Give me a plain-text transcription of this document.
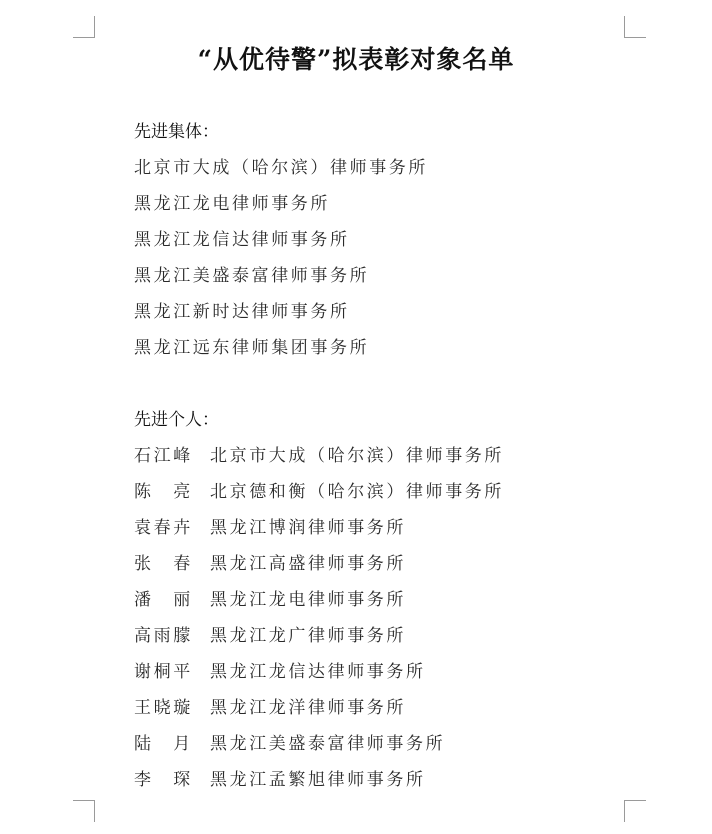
“从优待警”拟表彰对象名单
先进集体：
北京市大成（哈尔滨）律师事务所
黑龙江龙电律师事务所
黑龙江龙信达律师事务所
黑龙江美盛泰富律师事务所
黑龙江新时达律师事务所
黑龙江远东律师集团事务所
先进个人：
石江峰	北京市大成（哈尔滨）律师事务所
陈　亮	北京德和衡（哈尔滨）律师事务所
袁春卉	黑龙江博润律师事务所
张　春	黑龙江高盛律师事务所
潘　丽	黑龙江龙电律师事务所
高雨朦	黑龙江龙广律师事务所
谢桐平	黑龙江龙信达律师事务所
王晓璇	黑龙江龙洋律师事务所
陆　月	黑龙江美盛泰富律师事务所
李　琛	黑龙江孟繁旭律师事务所
